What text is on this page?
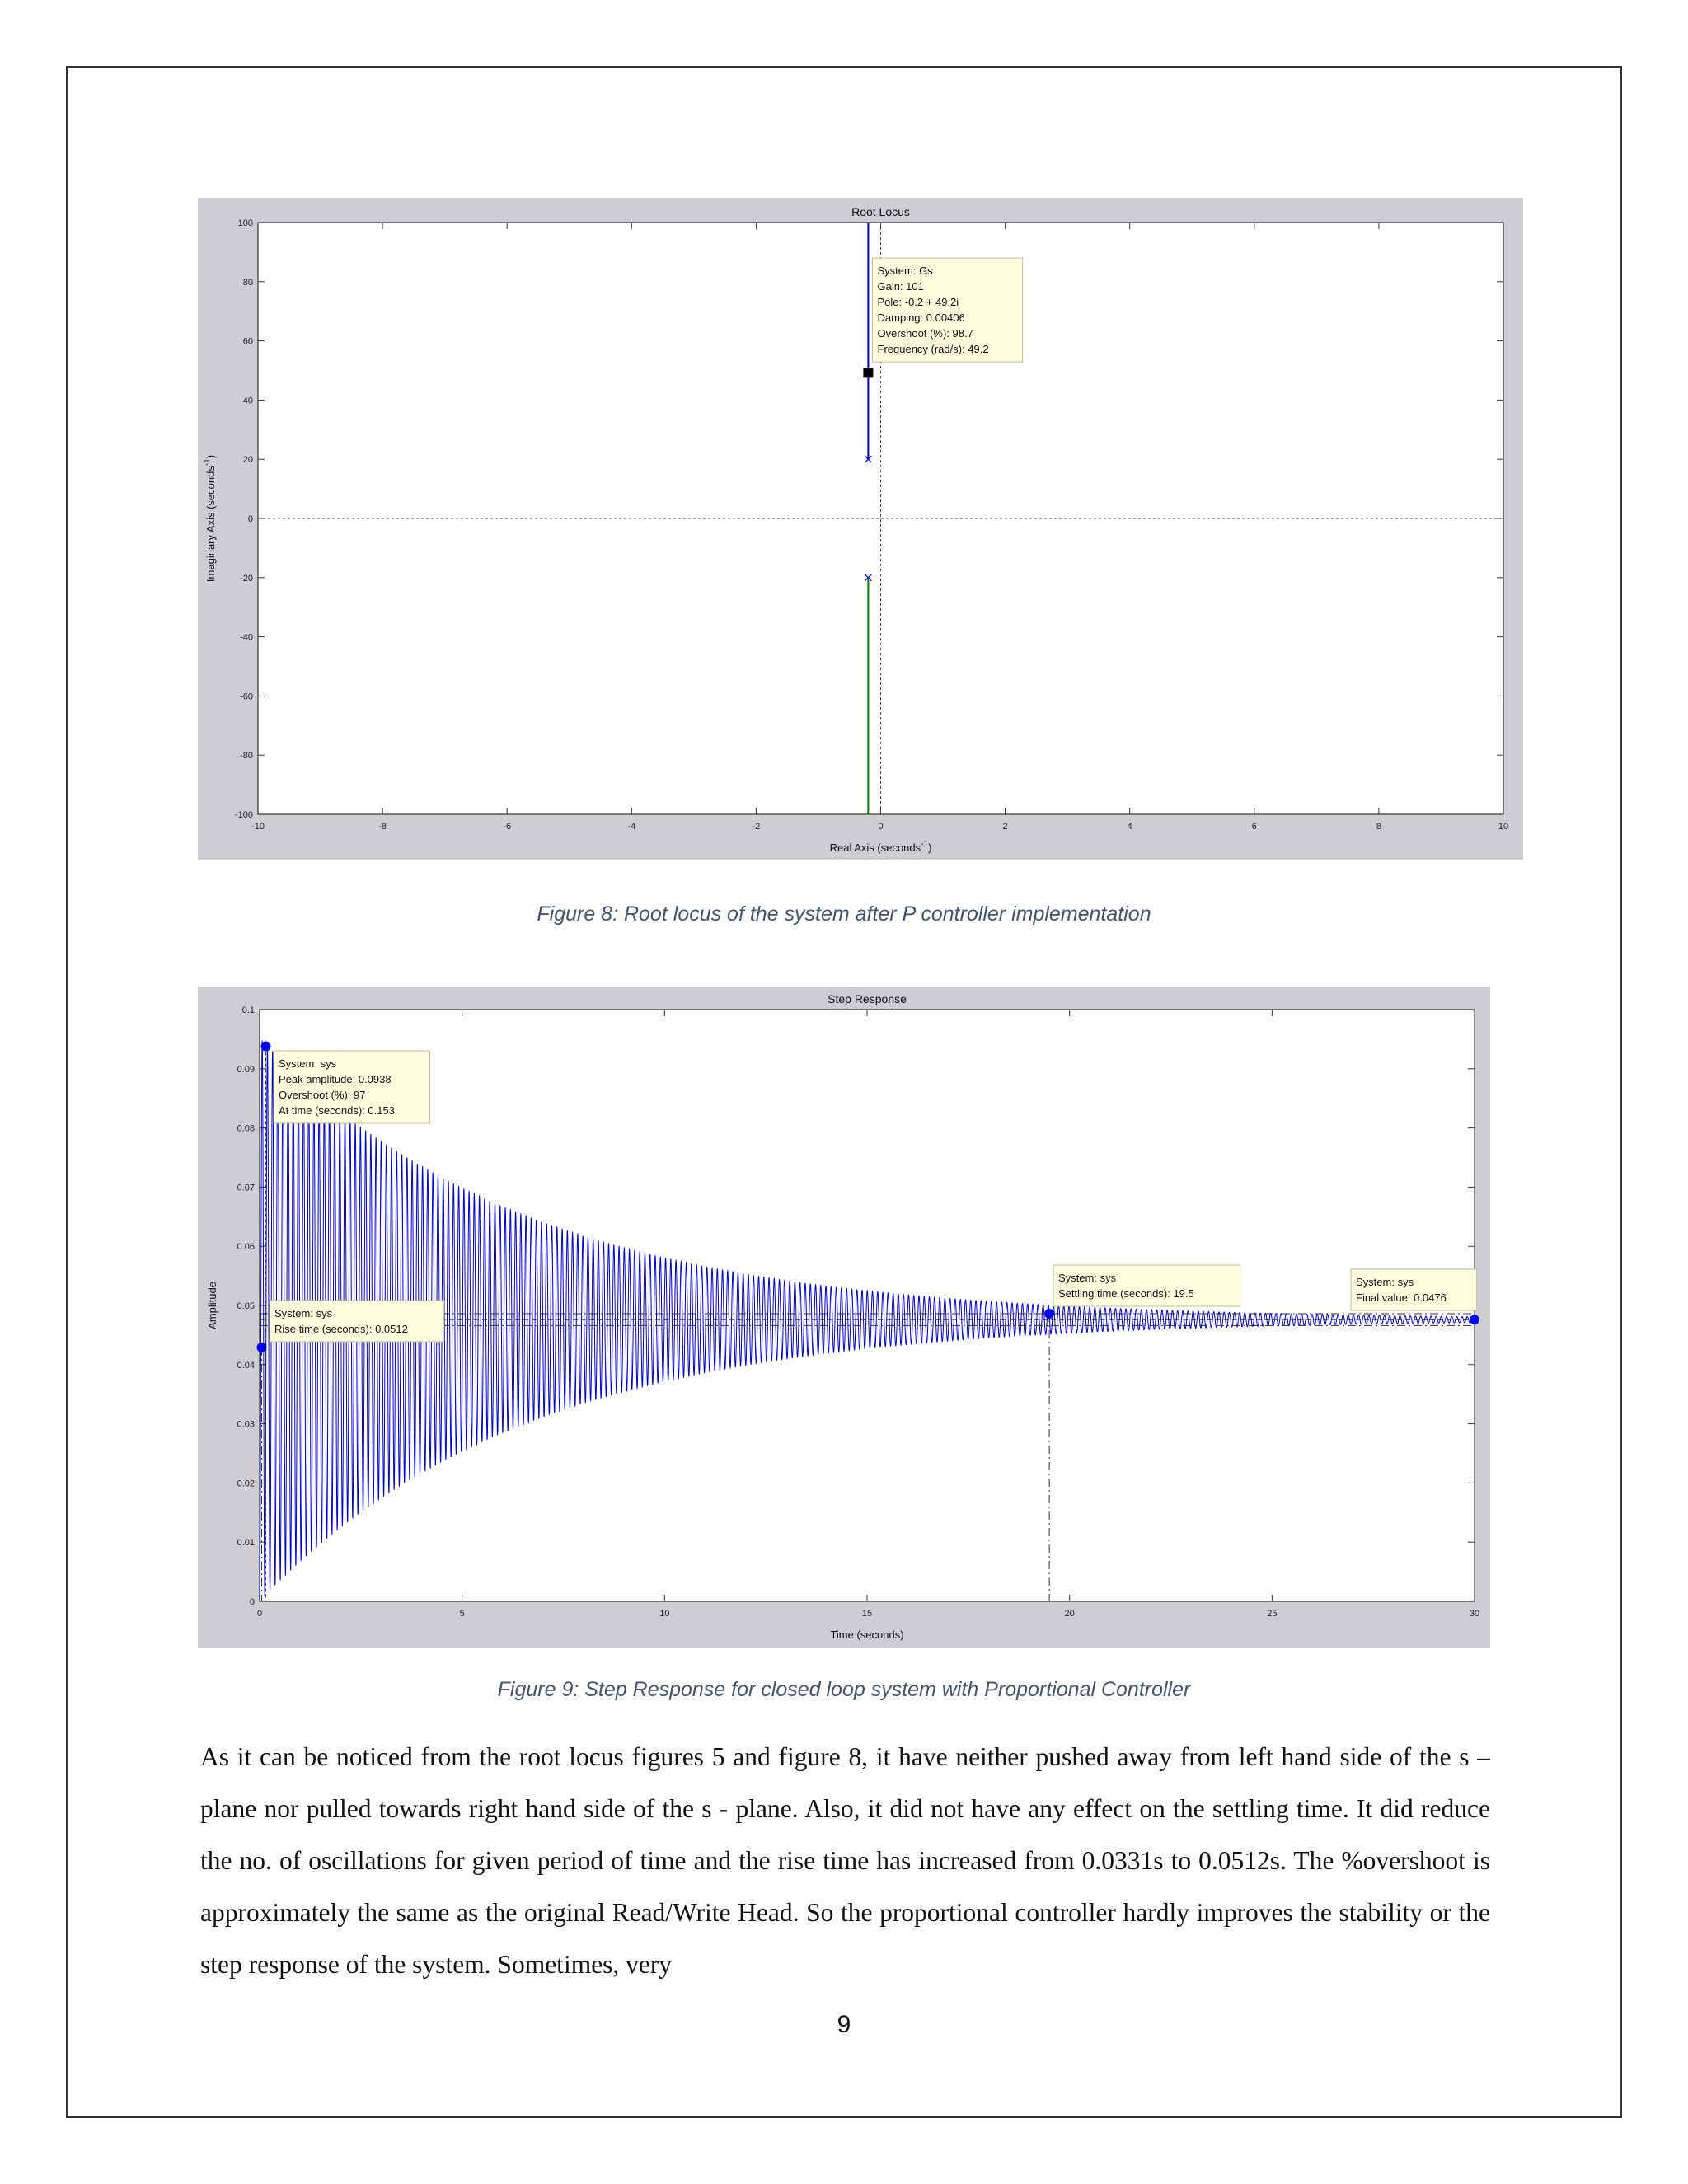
-10	-8	-6	-4	-2	0	2	4	6	8	10
-100
-80
-60
-40
-20
0
20
40
60
80
100
Root Locus
System: Gs
Gain: 101
Pole: -0.2 + 49.2i
Damping: 0.00406
Overshoot (%): 98.7
Frequency (rad/s): 49.2
Real Axis (seconds$^{-1}$)
Imaginary Axis (seconds$^{-1}$)
Figure 8: Root locus of the system after P controller implementation
0	5	10	15	20	25	30
0
0.01
0.02
0.03
0.04
0.05
0.06
0.07
0.08
0.09
0.1
Step Response
System: sys
Peak amplitude: 0.0938
Overshoot (%): 97
At time (seconds): 0.153
System: sys
Rise time (seconds): 0.0512
System: sys
Settling time (seconds): 19.5
System: sys
Final value: 0.0476
Time (seconds)
Amplitude
Figure 9: Step Response for closed loop system with Proportional Controller
As it can be noticed from the root locus figures 5 and figure 8, it have neither pushed away from left hand side of the s – plane nor pulled towards right hand side of the s - plane. Also, it did not have any effect on the settling time. It did reduce the no. of oscillations for given period of time and the rise time has increased from 0.0331s to 0.0512s. The %overshoot is approximately the same as the original Read/Write Head. So the proportional controller hardly improves the stability or the step response of the system. Sometimes, very
9
